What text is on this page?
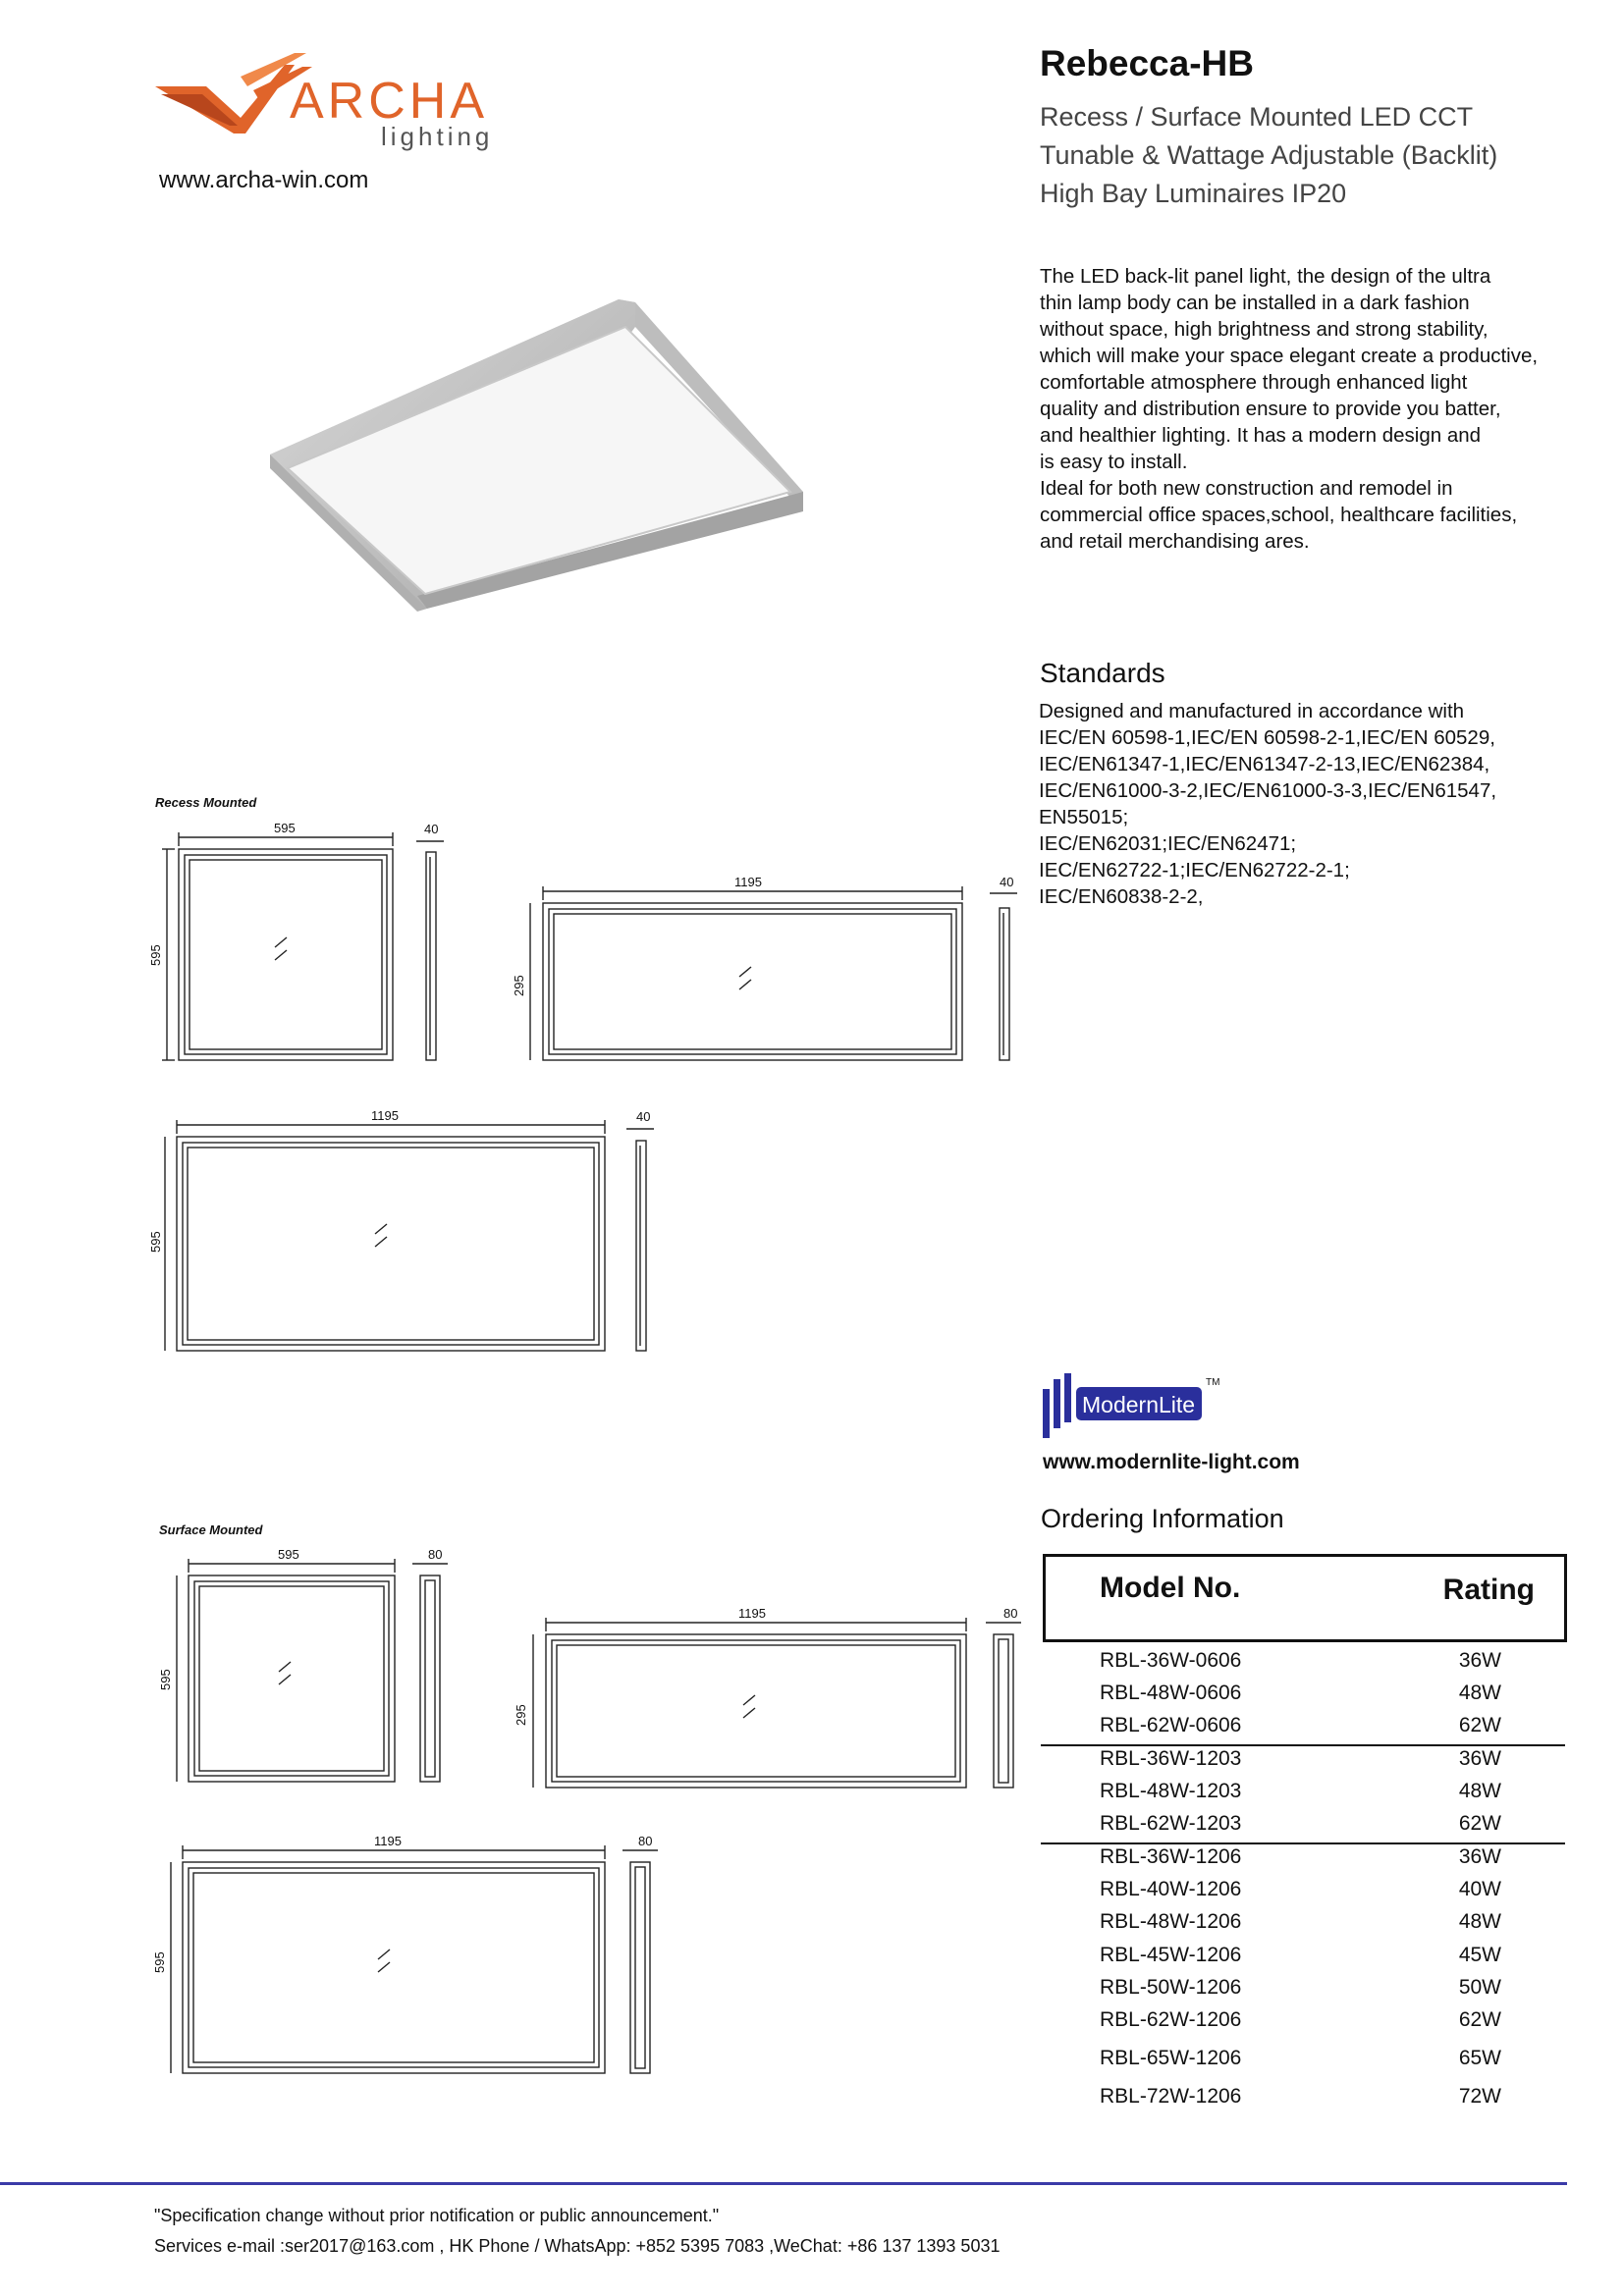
ARCHA
lighting
www.archa-win.com
Rebecca-HB
Recess / Surface Mounted LED CCT
Tunable & Wattage Adjustable (Backlit)
High Bay Luminaires IP20
The LED back-lit panel light, the design of the ultra
thin lamp body can be installed in a dark fashion
without space, high brightness and strong stability,
which will make your space elegant create a productive,
comfortable atmosphere through enhanced light
quality and distribution ensure to provide you batter,
and healthier lighting. It has a modern design and
is easy to install.
Ideal for both new construction and remodel in
commercial office spaces,school, healthcare facilities,
and retail merchandising ares.
Standards
Designed and manufactured in accordance with
IEC/EN 60598-1,IEC/EN 60598-2-1,IEC/EN 60529,
IEC/EN61347-1,IEC/EN61347-2-13,IEC/EN62384,
IEC/EN61000-3-2,IEC/EN61000-3-3,IEC/EN61547,
EN55015;
IEC/EN62031;IEC/EN62471;
IEC/EN62722-1;IEC/EN62722-2-1;
IEC/EN60838-2-2,
Recess Mounted
595
595
40
1195
295
40
1195
595
40
Surface Mounted
595
595
80
1195
295
80
1195
595
80
ModernLite
TM
www.modernlite-light.com
Ordering Information
Model No.	Rating
RBL-36W-0606	36W
RBL-48W-0606	48W
RBL-62W-0606	62W
RBL-36W-1203	36W
RBL-48W-1203	48W
RBL-62W-1203	62W
RBL-36W-1206	36W
RBL-40W-1206	40W
RBL-48W-1206	48W
RBL-45W-1206	45W
RBL-50W-1206	50W
RBL-62W-1206	62W
RBL-65W-1206	65W
RBL-72W-1206	72W
"Specification change without prior notification or public announcement."
Services e-mail :ser2017@163.com , HK Phone / WhatsApp: +852 5395 7083 ,WeChat: +86 137 1393 5031
